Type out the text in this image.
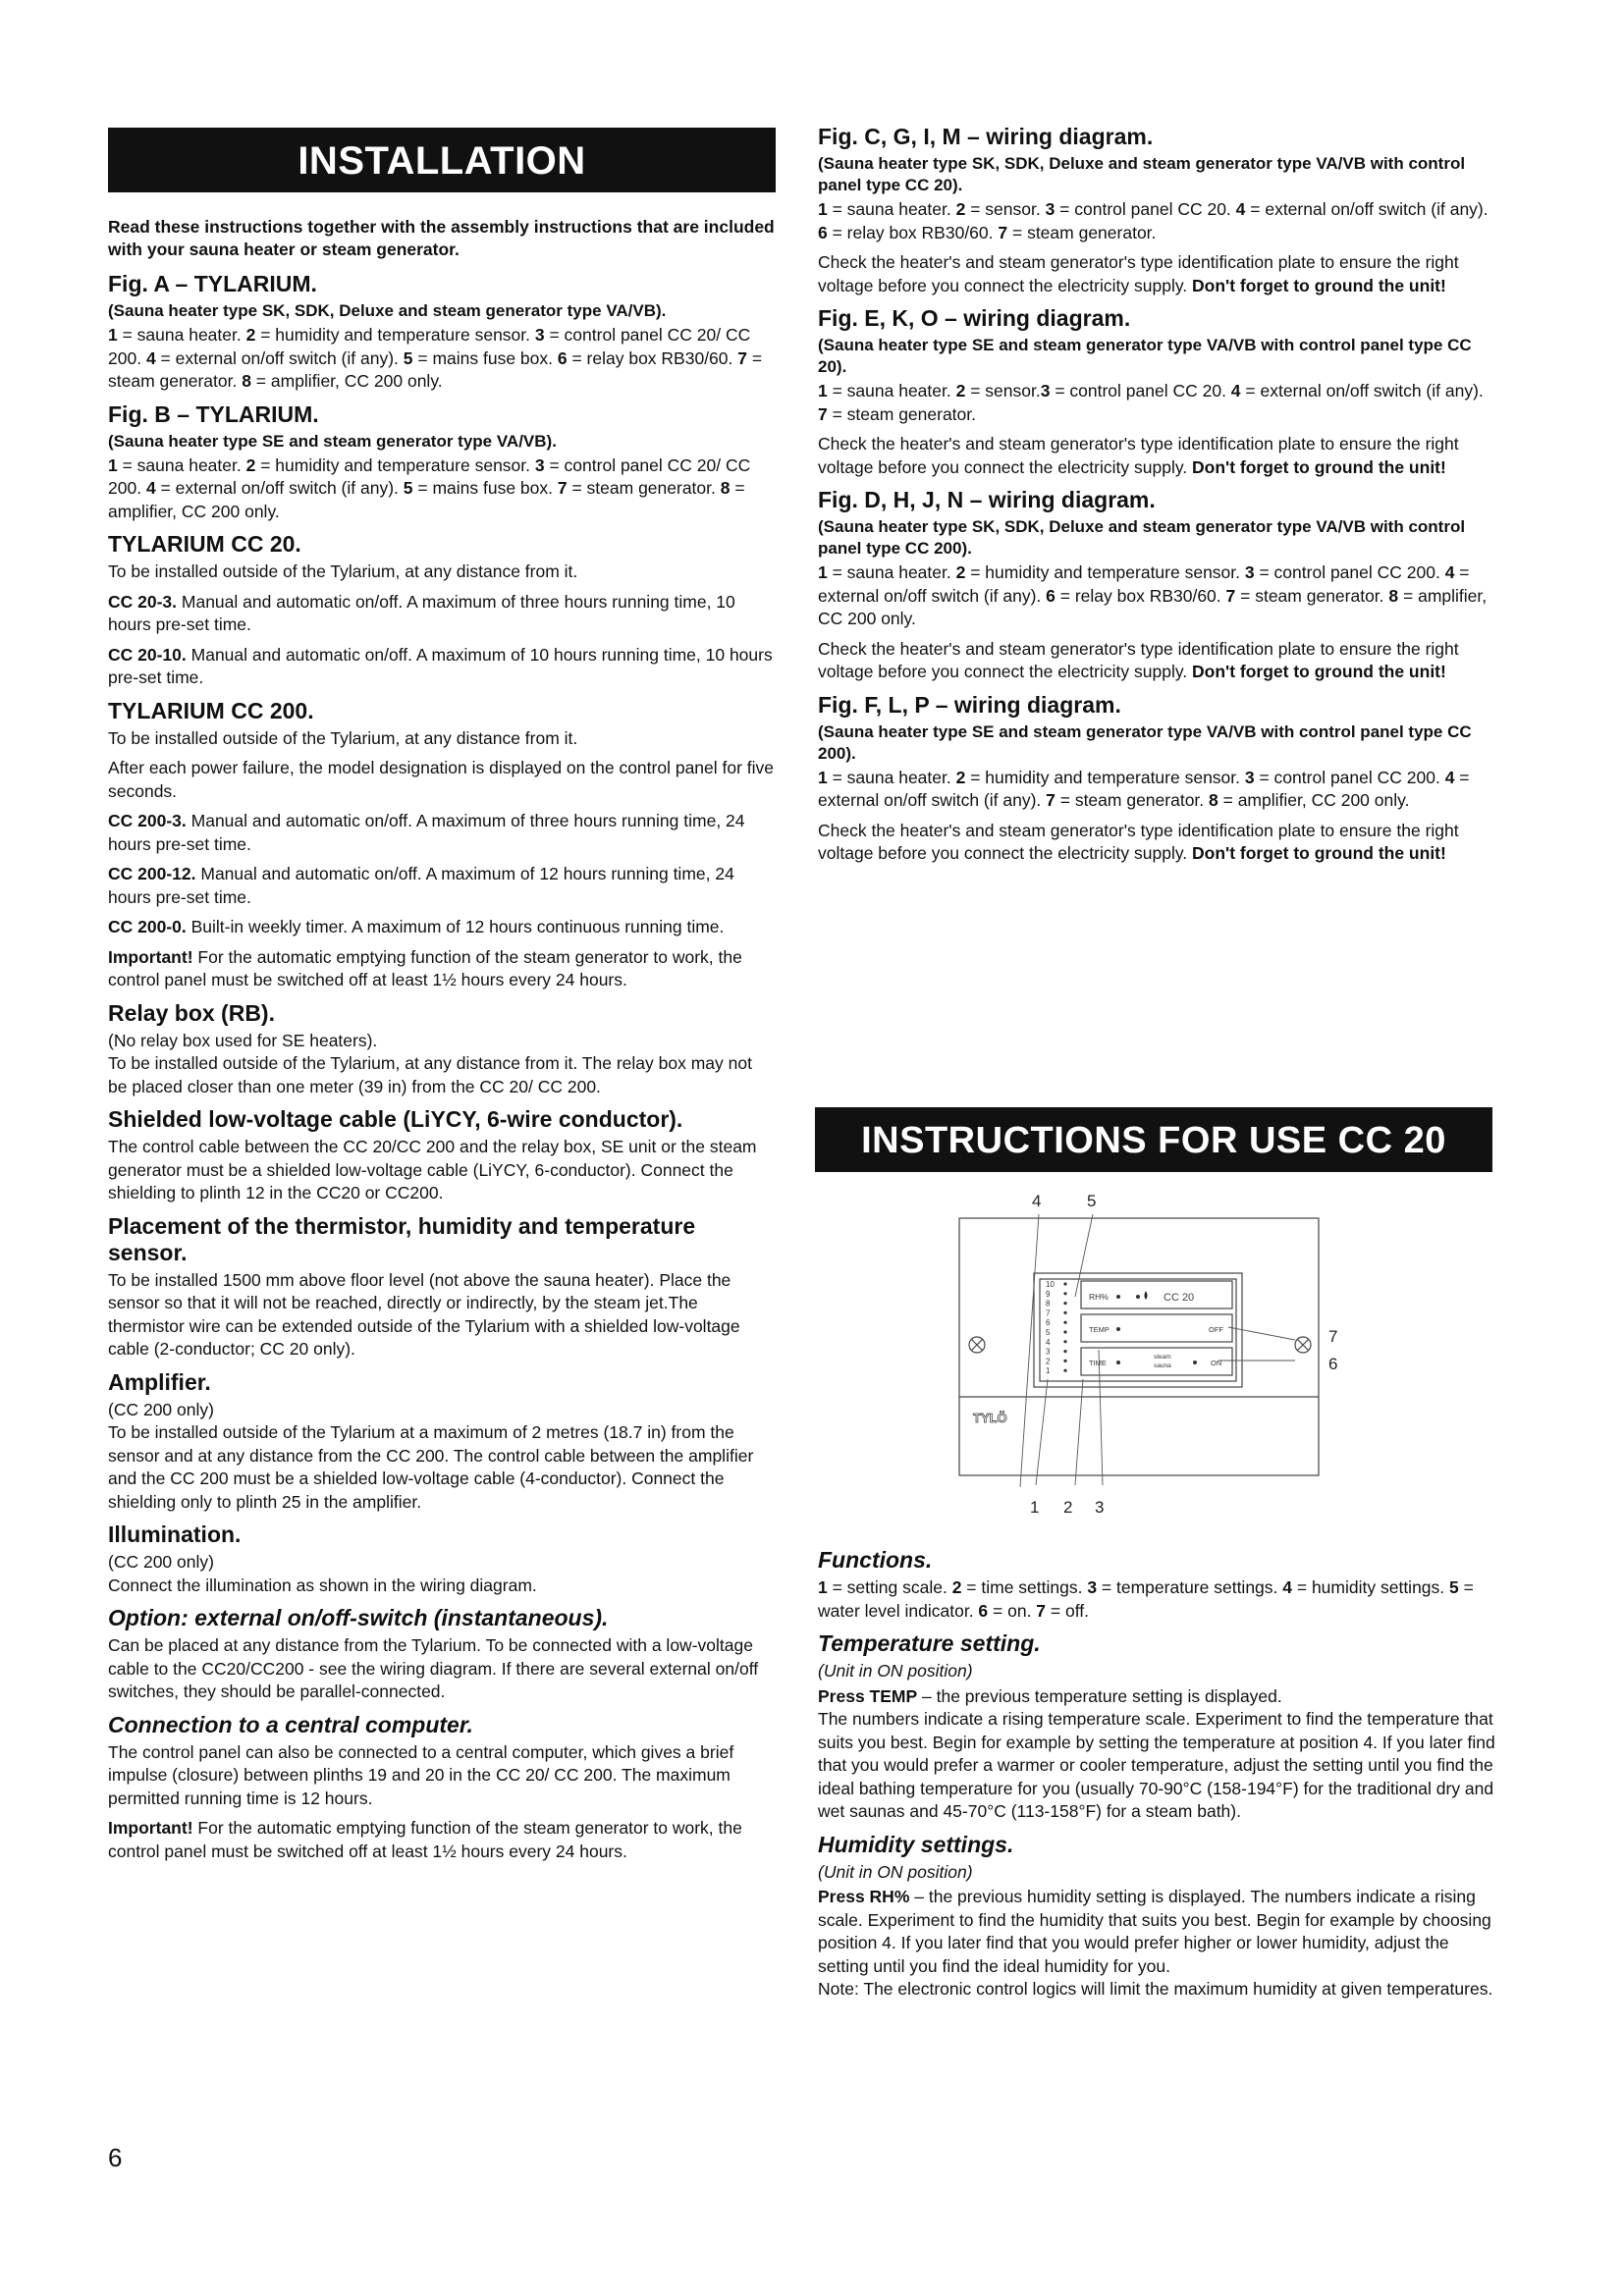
INSTALLATION

Read these instructions together with the assembly instructions that are included with your sauna heater or steam generator.

Fig. A – TYLARIUM.
(Sauna heater type SK, SDK, Deluxe and steam generator type VA/VB).

1 = sauna heater. 2 = humidity and temperature sensor. 3 = control panel CC 20/ CC 200. 4 = external on/off switch (if any). 5 = mains fuse box. 6 = relay box RB30/60. 7 = steam generator. 8 = amplifier, CC 200 only.

Fig. B – TYLARIUM.
(Sauna heater type SE and steam generator type VA/VB).

1 = sauna heater. 2 = humidity and temperature sensor. 3 = control panel CC 20/ CC 200. 4 = external on/off switch (if any). 5 = mains fuse box. 7 = steam generator. 8 = amplifier, CC 200 only.

TYLARIUM CC 20.

To be installed outside of the Tylarium, at any distance from it.

CC 20-3. Manual and automatic on/off. A maximum of three hours running time, 10 hours pre-set time.

CC 20-10. Manual and automatic on/off. A maximum of 10 hours running time, 10 hours pre-set time.

TYLARIUM CC 200.

To be installed outside of the Tylarium, at any distance from it.

After each power failure, the model designation is displayed on the control panel for five seconds.

CC 200-3. Manual and automatic on/off. A maximum of three hours running time, 24 hours pre-set time.

CC 200-12. Manual and automatic on/off. A maximum of 12 hours running time, 24 hours pre-set time.

CC 200-0. Built-in weekly timer. A maximum of 12 hours continuous running time.

Important! For the automatic emptying function of the steam generator to work, the control panel must be switched off at least 1½ hours every 24 hours.

Relay box (RB).

(No relay box used for SE heaters).

To be installed outside of the Tylarium, at any distance from it. The relay box may not be placed closer than one meter (39 in) from the CC 20/ CC 200.

Shielded low-voltage cable (LiYCY, 6-wire conductor).

The control cable between the CC 20/CC 200 and the relay box, SE unit or the steam generator must be a shielded low-voltage cable (LiYCY, 6-conductor). Connect the shielding to plinth 12 in the CC20 or CC200.

Placement of the thermistor, humidity and temperature sensor.

To be installed 1500 mm above floor level (not above the sauna heater). Place the sensor so that it will not be reached, directly or indirectly, by the steam jet.The thermistor wire can be extended outside of the Tylarium with a shielded low-voltage cable (2-conductor; CC 20 only).

Amplifier.

(CC 200 only)

To be installed outside of the Tylarium at a maximum of 2 metres (18.7 in) from the sensor and at any distance from the CC 200. The control cable between the amplifier and the CC 200 must be a shielded low-voltage cable (4-conductor). Connect the shielding only to plinth 25 in the amplifier.

Illumination.

(CC 200 only)

Connect the illumination as shown in the wiring diagram.

Option: external on/off-switch (instantaneous).

Can be placed at any distance from the Tylarium. To be connected with a low-voltage cable to the CC20/CC200 - see the wiring diagram. If there are several external on/off switches, they should be parallel-connected.

Connection to a central computer.

The control panel can also be connected to a central computer, which gives a brief impulse (closure) between plinths 19 and 20 in the CC 20/ CC 200. The maximum permitted running time is 12 hours.

Important! For the automatic emptying function of the steam generator to work, the control panel must be switched off at least 1½ hours every 24 hours.

Fig. C, G, I, M – wiring diagram.
(Sauna heater type SK, SDK, Deluxe and steam generator type VA/VB with control panel type CC 20).

1 = sauna heater. 2 = sensor. 3 = control panel CC 20. 4 = external on/off switch (if any). 6 = relay box RB30/60. 7 = steam generator.

Check the heater's and steam generator's type identification plate to ensure the right voltage before you connect the electricity supply. Don't forget to ground the unit!

Fig. E, K, O – wiring diagram.
(Sauna heater type SE and steam generator type VA/VB with control panel type CC 20).

1 = sauna heater. 2 = sensor.3 = control panel CC 20. 4 = external on/off switch (if any). 7 = steam generator.

Check the heater's and steam generator's type identification plate to ensure the right voltage before you connect the electricity supply. Don't forget to ground the unit!

Fig. D, H, J, N – wiring diagram.
(Sauna heater type SK, SDK, Deluxe and steam generator type VA/VB with control panel type CC 200).

1 = sauna heater. 2 = humidity and temperature sensor. 3 = control panel CC 200. 4 = external on/off switch (if any). 6 = relay box RB30/60. 7 = steam generator. 8 = amplifier, CC 200 only.

Check the heater's and steam generator's type identification plate to ensure the right voltage before you connect the electricity supply. Don't forget to ground the unit!

Fig. F, L, P – wiring diagram.
(Sauna heater type SE and steam generator type VA/VB with control panel type CC 200).

1 = sauna heater. 2 = humidity and temperature sensor. 3 = control panel CC 200. 4 = external on/off switch (if any). 7 = steam generator. 8 = amplifier, CC 200 only.

Check the heater's and steam generator's type identification plate to ensure the right voltage before you connect the electricity supply. Don't forget to ground the unit!

INSTRUCTIONS FOR USE CC 20
4	5
7
6
1 2 3
10
9
8
7
6
5
4
3
2
1
RH%	CC 20
TEMP	OFF
TIME
steam
sauna	ON
TYLÖ
Functions.

1 = setting scale. 2 = time settings. 3 = temperature settings. 4 = humidity settings. 5 = water level indicator. 6 = on. 7 = off.

Temperature setting.

(Unit in ON position)

Press TEMP – the previous temperature setting is displayed.

The numbers indicate a rising temperature scale. Experiment to find the temperature that suits you best. Begin for example by setting the temperature at position 4. If you later find that you would prefer a warmer or cooler temperature, adjust the setting until you find the ideal bathing temperature for you (usually 70-90°C (158-194°F) for the traditional dry and wet saunas and 45-70°C (113-158°F) for a steam bath).

Humidity settings.

(Unit in ON position)

Press RH% – the previous humidity setting is displayed. The numbers indicate a rising scale. Experiment to find the humidity that suits you best. Begin for example by choosing position 4. If you later find that you would prefer higher or lower humidity, adjust the setting until you find the ideal humidity for you.

Note: The electronic control logics will limit the maximum humidity at given temperatures.

6
